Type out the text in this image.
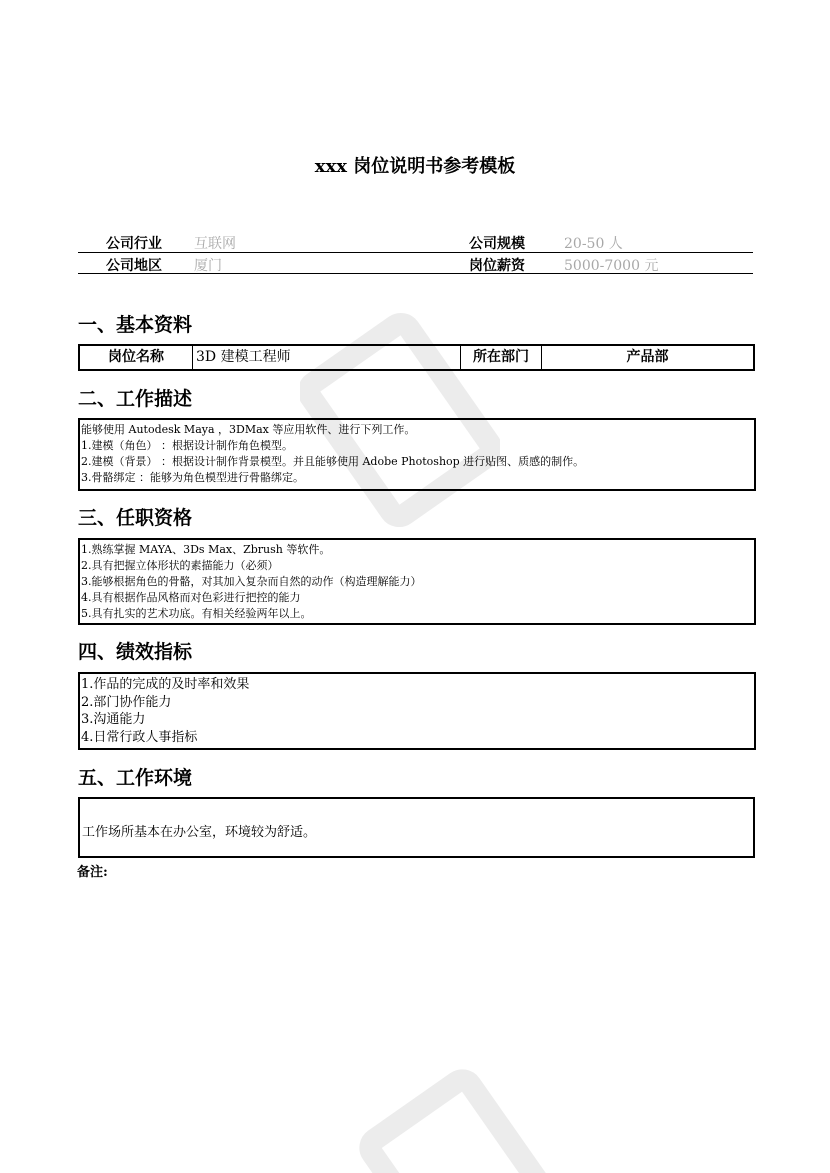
xxx 岗位说明书参考模板
公司行业 互联网	公司规模	20-50 人
公司地区 厦门	岗位薪资	5000-7000 元
一、基本资料
岗位名称	3D 建模工程师	所在部门	产品部
二、工作描述
能够使用 Autodesk Maya ，3DMax 等应用软件、进行下列工作。
1.建模（角色） ：根据设计制作角色模型。
2.建模（背景） ：根据设计制作背景模型。并且能够使用 Adobe Photoshop 进行贴图、质感的制作。
3.骨骼绑定 ：能够为角色模型进行骨骼绑定。
三、任职资格
1.熟练掌握 MAYA、3Ds Max、Zbrush 等软件。
2.具有把握立体形状的素描能力（必须）
3.能够根据角色的骨骼，对其加入复杂而自然的动作（构造理解能力）
4.具有根据作品风格而对色彩进行把控的能力
5.具有扎实的艺术功底。有相关经验两年以上。
四、绩效指标
1.作品的完成的及时率和效果
2.部门协作能力
3.沟通能力
4.日常行政人事指标
五、工作环境
工作场所基本在办公室，环境较为舒适。
备注:
